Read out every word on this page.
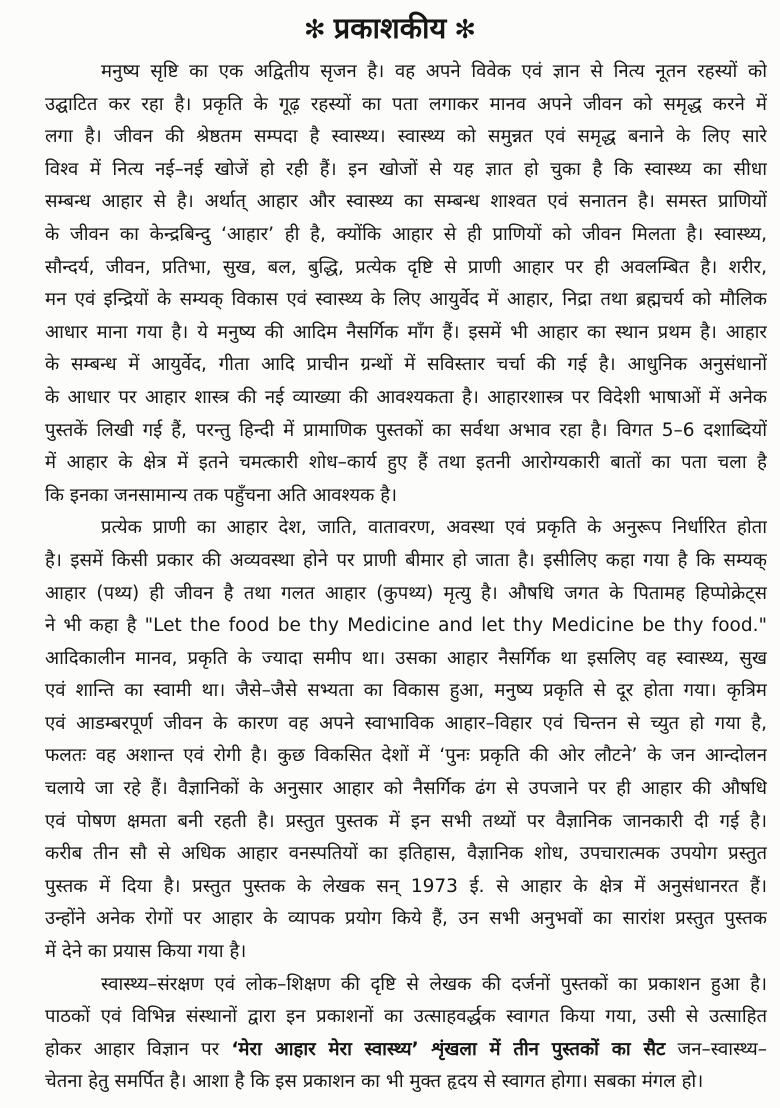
✻ प्रकाशकीय ✻
मनुष्य सृष्टि का एक अद्वितीय सृजन है। वह अपने विवेक एवं ज्ञान से नित्य नूतन रहस्यों को
उद्घाटित कर रहा है। प्रकृति के गूढ़ रहस्यों का पता लगाकर मानव अपने जीवन को समृद्ध करने में
लगा है। जीवन की श्रेष्ठतम सम्पदा है स्वास्थ्य। स्वास्थ्य को समुन्नत एवं समृद्ध बनाने के लिए सारे
विश्व में नित्य नई–नई खोजें हो रही हैं। इन खोजों से यह ज्ञात हो चुका है कि स्वास्थ्य का सीधा
सम्बन्ध आहार से है। अर्थात् आहार और स्वास्थ्य का सम्बन्ध शाश्वत एवं सनातन है। समस्त प्राणियों
के जीवन का केन्द्रबिन्दु ‘आहार’ ही है, क्योंकि आहार से ही प्राणियों को जीवन मिलता है। स्वास्थ्य,
सौन्दर्य, जीवन, प्रतिभा, सुख, बल, बुद्धि, प्रत्येक दृष्टि से प्राणी आहार पर ही अवलम्बित है। शरीर,
मन एवं इन्द्रियों के सम्यक् विकास एवं स्वास्थ्य के लिए आयुर्वेद में आहार, निद्रा तथा ब्रह्मचर्य को मौलिक
आधार माना गया है। ये मनुष्य की आदिम नैसर्गिक माँग हैं। इसमें भी आहार का स्थान प्रथम है। आहार
के सम्बन्ध में आयुर्वेद, गीता आदि प्राचीन ग्रन्थों में सविस्तार चर्चा की गई है। आधुनिक अनुसंधानों
के आधार पर आहार शास्त्र की नई व्याख्या की आवश्यकता है। आहारशास्त्र पर विदेशी भाषाओं में अनेक
पुस्तकें लिखी गई हैं, परन्तु हिन्दी में प्रामाणिक पुस्तकों का सर्वथा अभाव रहा है। विगत 5–6 दशाब्दियों
में आहार के क्षेत्र में इतने चमत्कारी शोध–कार्य हुए हैं तथा इतनी आरोग्यकारी बातों का पता चला है
कि इनका जनसामान्य तक पहुँचना अति आवश्यक है।
प्रत्येक प्राणी का आहार देश, जाति, वातावरण, अवस्था एवं प्रकृति के अनुरूप निर्धारित होता
है। इसमें किसी प्रकार की अव्यवस्था होने पर प्राणी बीमार हो जाता है। इसीलिए कहा गया है कि सम्यक्
आहार (पथ्य) ही जीवन है तथा गलत आहार (कुपथ्य) मृत्यु है। औषधि जगत के पितामह हिप्पोक्रेट्स
ने भी कहा है "Let the food be thy Medicine and let thy Medicine be thy food."
आदिकालीन मानव, प्रकृति के ज्यादा समीप था। उसका आहार नैसर्गिक था इसलिए वह स्वास्थ्य, सुख
एवं शान्ति का स्वामी था। जैसे–जैसे सभ्यता का विकास हुआ, मनुष्य प्रकृति से दूर होता गया। कृत्रिम
एवं आडम्बरपूर्ण जीवन के कारण वह अपने स्वाभाविक आहार–विहार एवं चिन्तन से च्युत हो गया है,
फलतः वह अशान्त एवं रोगी है। कुछ विकसित देशों में ‘पुनः प्रकृति की ओर लौटने’ के जन आन्दोलन
चलाये जा रहे हैं। वैज्ञानिकों के अनुसार आहार को नैसर्गिक ढंग से उपजाने पर ही आहार की औषधि
एवं पोषण क्षमता बनी रहती है। प्रस्तुत पुस्तक में इन सभी तथ्यों पर वैज्ञानिक जानकारी दी गई है।
करीब तीन सौ से अधिक आहार वनस्पतियों का इतिहास, वैज्ञानिक शोध, उपचारात्मक उपयोग प्रस्तुत
पुस्तक में दिया है। प्रस्तुत पुस्तक के लेखक सन् 1973 ई. से आहार के क्षेत्र में अनुसंधानरत हैं।
उन्होंने अनेक रोगों पर आहार के व्यापक प्रयोग किये हैं, उन सभी अनुभवों का सारांश प्रस्तुत पुस्तक
में देने का प्रयास किया गया है।
स्वास्थ्य–संरक्षण एवं लोक–शिक्षण की दृष्टि से लेखक की दर्जनों पुस्तकों का प्रकाशन हुआ है।
पाठकों एवं विभिन्न संस्थानों द्वारा इन प्रकाशनों का उत्साहवर्द्धक स्वागत किया गया, उसी से उत्साहित
होकर आहार विज्ञान पर ‘मेरा आहार मेरा स्वास्थ्य’ शृंखला में तीन पुस्तकों का सैट जन–स्वास्थ्य–
चेतना हेतु समर्पित है। आशा है कि इस प्रकाशन का भी मुक्त हृदय से स्वागत होगा। सबका मंगल हो।
